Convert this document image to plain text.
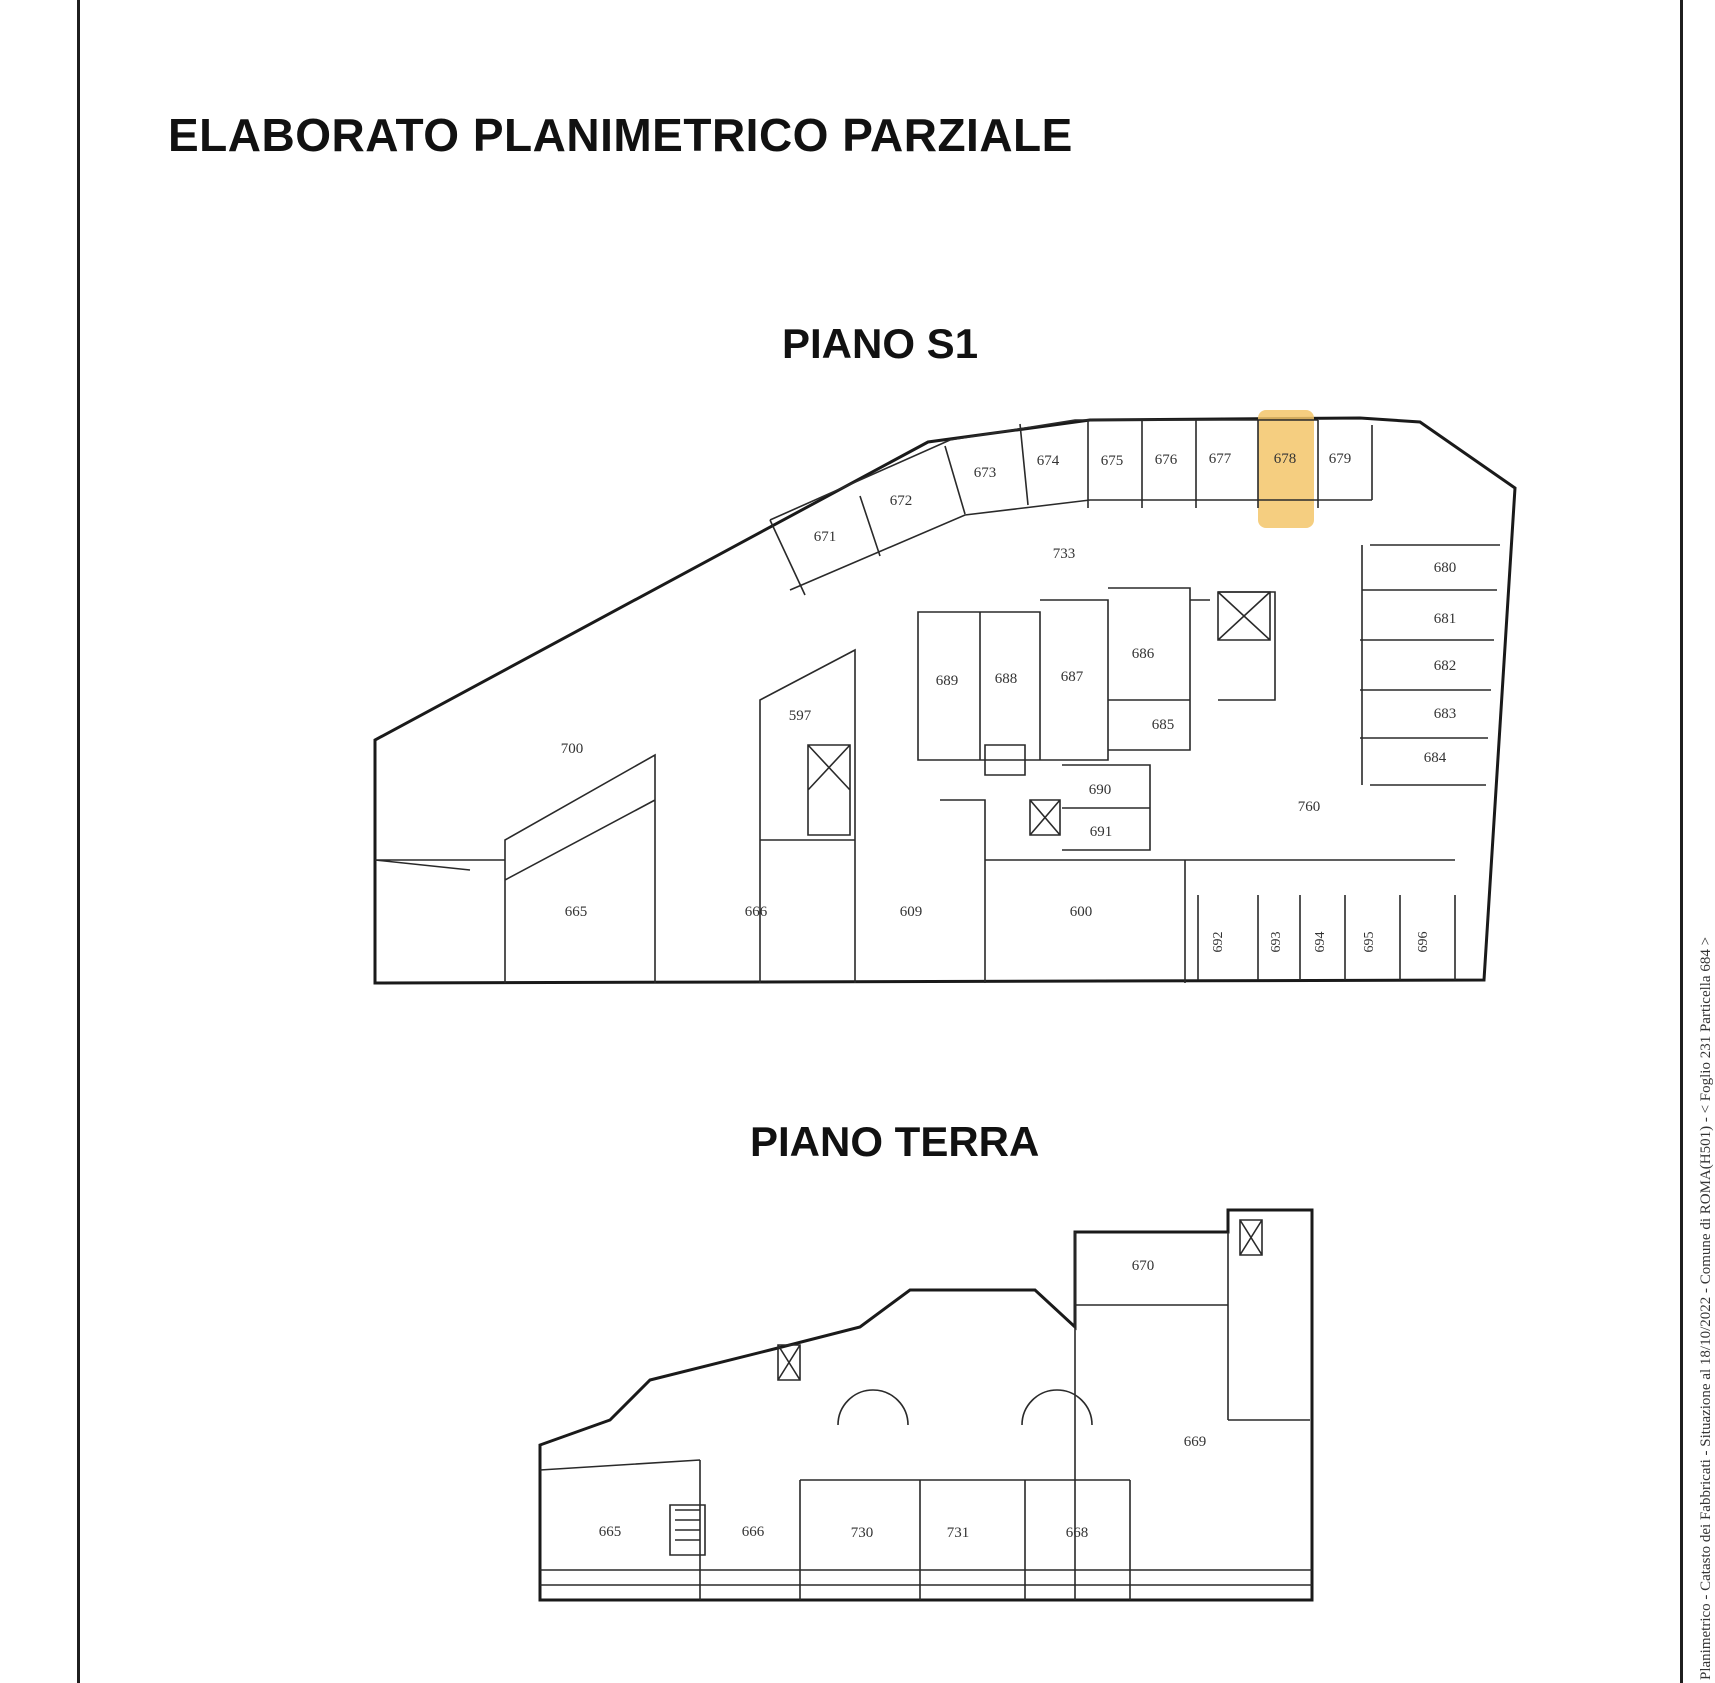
ELABORATO PLANIMETRICO PARZIALE
PIANO S1
PIANO TERRA	Planimetrico - Catasto dei Fabbricati - Situazione al 18/10/2022 - Comune di ROMA(H501) - < Foglio 231 Particella 684 >
671
672
673
674	675 676 677	678 679
733
700
597
689 688	687
686
685
690
691
680
681
682
683
684
760
665	666	609	600
692	693 694 695	696
670
669
665	666	730	731	668
